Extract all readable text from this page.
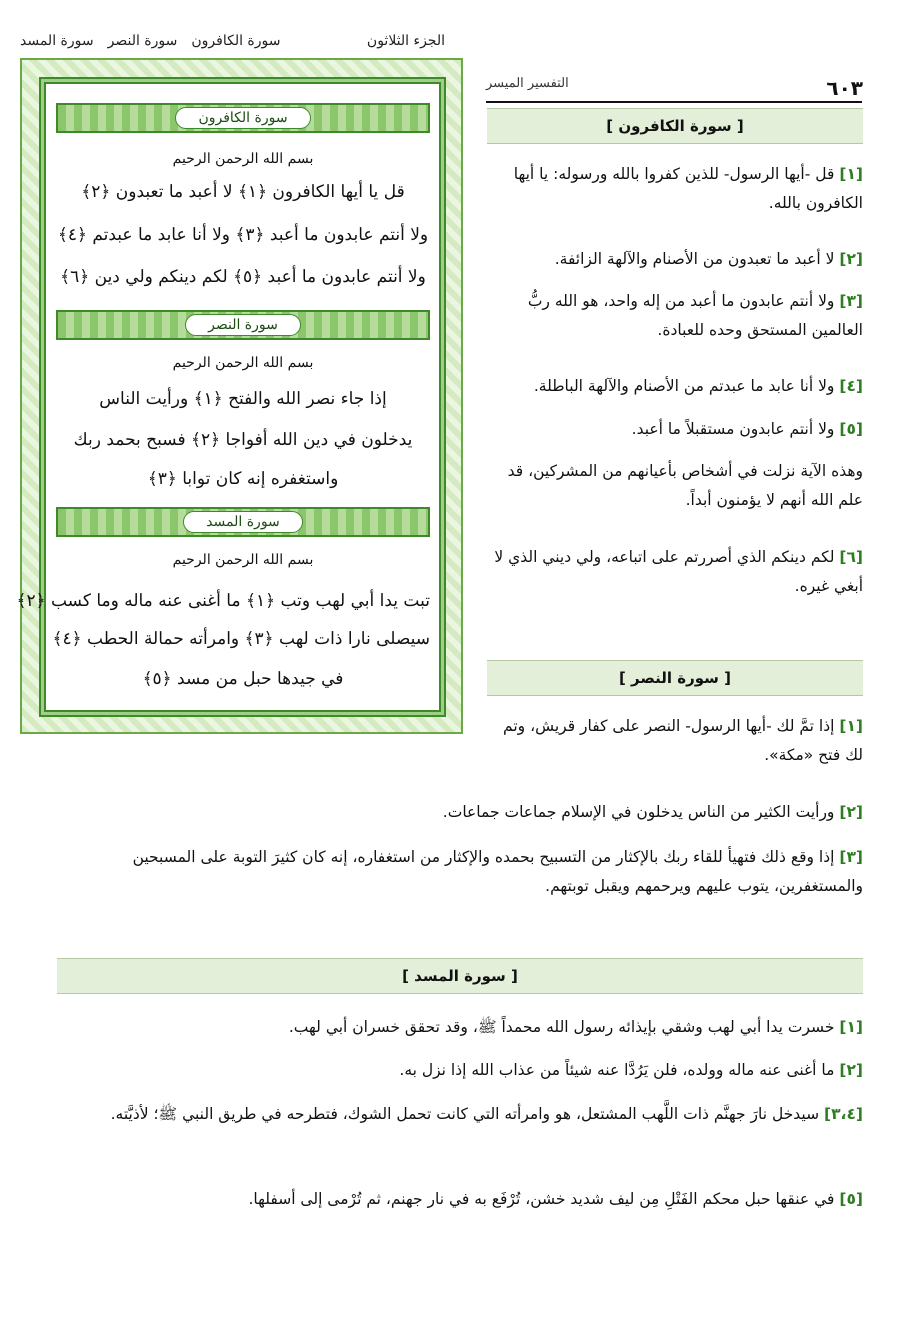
الجزء الثلاثون
سورة الكافرون
سورة النصر
سورة المسد
٦٠٣
التفسير الميسر
سورة الكافرون
بسم الله الرحمن الرحيم
قل يا أيها الكافرون ﴿١﴾ لا أعبد ما تعبدون ﴿٢﴾
ولا أنتم عابدون ما أعبد ﴿٣﴾ ولا أنا عابد ما عبدتم ﴿٤﴾
ولا أنتم عابدون ما أعبد ﴿٥﴾ لكم دينكم ولي دين ﴿٦﴾
سورة النصر
بسم الله الرحمن الرحيم
إذا جاء نصر الله والفتح ﴿١﴾ ورأيت الناس
يدخلون في دين الله أفواجا ﴿٢﴾ فسبح بحمد ربك
واستغفره إنه كان توابا ﴿٣﴾
سورة المسد
بسم الله الرحمن الرحيم
تبت يدا أبي لهب وتب ﴿١﴾ ما أغنى عنه ماله وما كسب ﴿٢﴾
سيصلى نارا ذات لهب ﴿٣﴾ وامرأته حمالة الحطب ﴿٤﴾
في جيدها حبل من مسد ﴿٥﴾
[ سورة الكافرون ]
[١] قل -أيها الرسول- للذين كفروا بالله ورسوله: يا أيها الكافرون بالله.
[٢] لا أعبد ما تعبدون من الأصنام والآلهة الزائفة.
[٣] ولا أنتم عابدون ما أعبد من إله واحد، هو الله ربُّ العالمين المستحق وحده للعبادة.
[٤] ولا أنا عابد ما عبدتم من الأصنام والآلهة الباطلة.
[٥] ولا أنتم عابدون مستقبلاً ما أعبد.
وهذه الآية نزلت في أشخاص بأعيانهم من المشركين، قد علم الله أنهم لا يؤمنون أبداً.
[٦] لكم دينكم الذي أصررتم على اتباعه، ولي ديني الذي لا أبغي غيره.
[ سورة النصر ]
[١] إذا تمَّ لك -أيها الرسول- النصر على كفار قريش، وتم لك فتح «مكة».
[٢] ورأيت الكثير من الناس يدخلون في الإسلام جماعات جماعات.
[٣] إذا وقع ذلك فتهيأ للقاء ربك بالإكثار من التسبيح بحمده والإكثار من استغفاره، إنه كان كثيرَ التوبة على المسبحين والمستغفرين، يتوب عليهم ويرحمهم ويقبل توبتهم.
[ سورة المسد ]
[١] خسرت يدا أبي لهب وشقي بإيذائه رسول الله محمداً ﷺ، وقد تحقق خسران أبي لهب.
[٢] ما أغنى عنه ماله وولده، فلن يَرُدَّا عنه شيئاً من عذاب الله إذا نزل به.
[٣،٤] سيدخل نارَ جهنَّم ذات اللَّهب المشتعل، هو وامرأته التي كانت تحمل الشوك، فتطرحه في طريق النبي ﷺ؛ لأذيَّته.
[٥] في عنقها حبل محكم الفَتْلِ مِن ليف شديد خشن، تُرْفَع به في نار جهنم، ثم تُرْمى إلى أسفلها.
